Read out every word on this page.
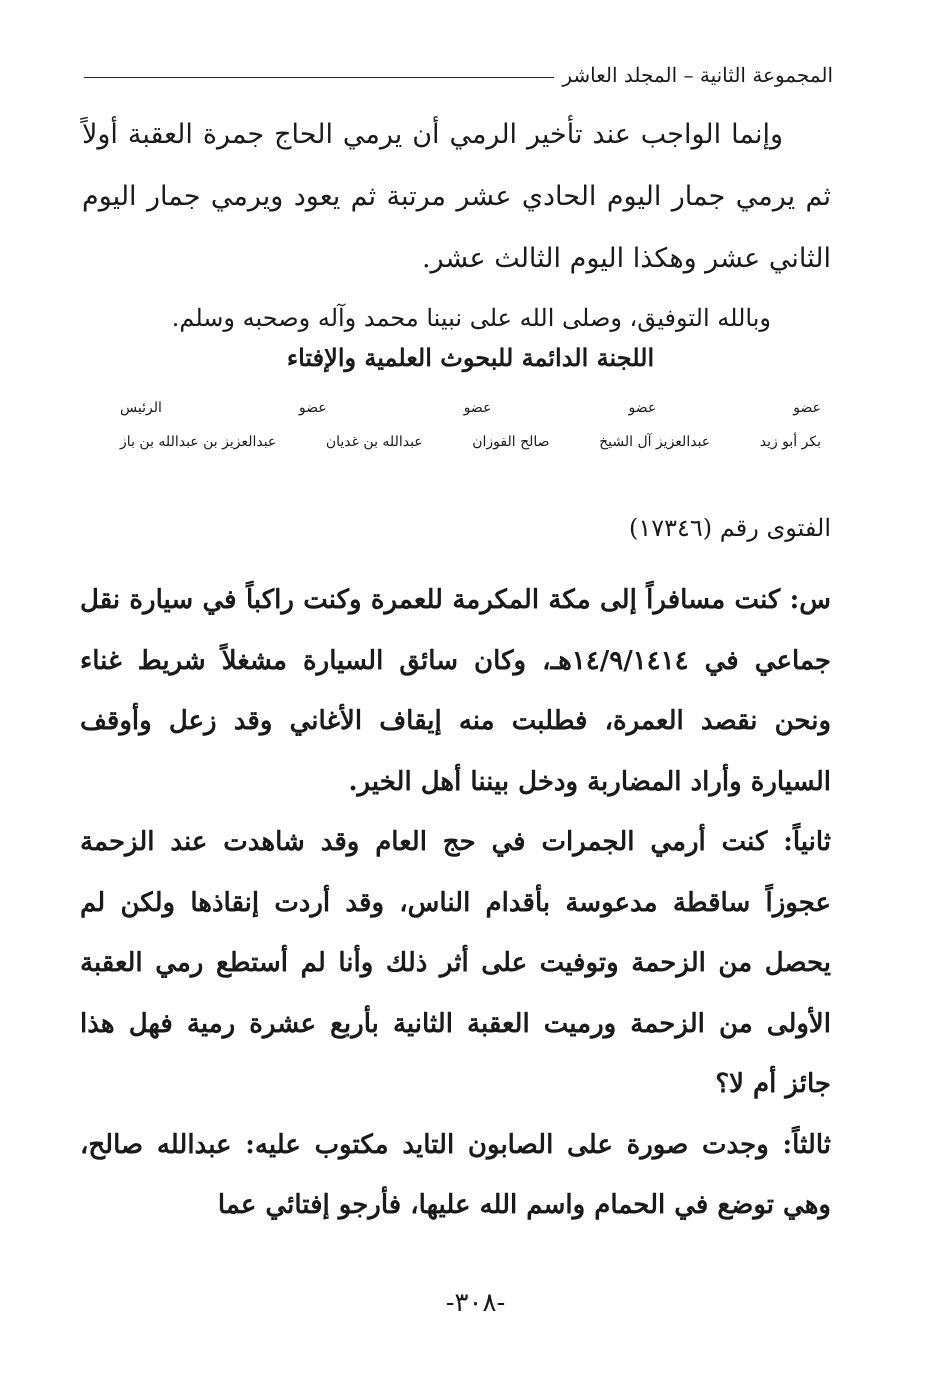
المجموعة الثانية – المجلد العاشر
وإنما الواجب عند تأخير الرمي أن يرمي الحاج جمرة العقبة أولاً ثم يرمي جمار اليوم الحادي عشر مرتبة ثم يعود ويرمي جمار اليوم الثاني عشر وهكذا اليوم الثالث عشر.
وبالله التوفيق، وصلى الله على نبينا محمد وآله وصحبه وسلم.
اللجنة الدائمة للبحوث العلمية والإفتاء
عضو
عضو
عضو
عضو
الرئيس
بكر أبو زيد
عبدالعزيز آل الشيخ
صالح الفوزان
عبدالله بن غديان
عبدالعزيز بن عبدالله بن باز
الفتوى رقم (١٧٣٤٦)

س: كنت مسافراً إلى مكة المكرمة للعمرة وكنت راكباً في سيارة نقل جماعي في ١٤/٩/١٤١٤هـ، وكان سائق السيارة مشغلاً شريط غناء ونحن نقصد العمرة، فطلبت منه إيقاف الأغاني وقد زعل وأوقف السيارة وأراد المضاربة ودخل بيننا أهل الخير.

ثانياً: كنت أرمي الجمرات في حج العام وقد شاهدت عند الزحمة عجوزاً ساقطة مدعوسة بأقدام الناس، وقد أردت إنقاذها ولكن لم يحصل من الزحمة وتوفيت على أثر ذلك وأنا لم أستطع رمي العقبة الأولى من الزحمة ورميت العقبة الثانية بأربع عشرة رمية فهل هذا جائز أم لا؟

ثالثاً: وجدت صورة على الصابون التايد مكتوب عليه: عبدالله صالح، وهي توضع في الحمام واسم الله عليها، فأرجو إفتائي عما

-٣٠٨-
